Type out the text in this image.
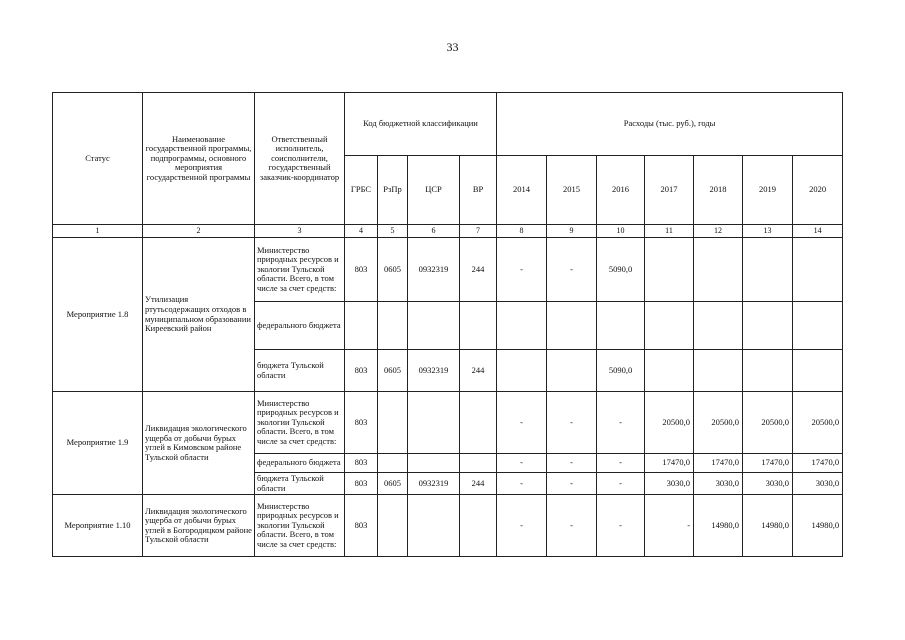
33
Статус	Наименование государственной программы, подпрограммы, основного мероприятия государственной программы	Ответственный исполнитель, соисполнители, государственный заказчик-координатор	Код бюджетной классификации				Расходы (тыс. руб.), годы						
			ГРБС	РзПр	ЦСР	ВР	2014	2015	2016	2017	2018	2019	2020
1	2	3	4	5	6	7	8	9	10	11	12	13	14
Мероприятие 1.8	Утилизация ртутьсодержащих отходов в муниципальном образовании Киреевский район	Министерство природных ресурсов и экологии Тульской области. Всего, в том числе за счет средств:	803	0605	0932319	244	-	-	5090,0				
		федерального бюджета											
		бюджета Тульской области	803	0605	0932319	244			5090,0				
Мероприятие 1.9	Ликвидация экологического ущерба от добычи бурых углей в Кимовском районе Тульской области	Министерство природных ресурсов и экологии Тульской области. Всего, в том числе за счет средств:	803				-	-	-	20500,0	20500,0	20500,0	20500,0
		федерального бюджета	803				-	-	-	17470,0	17470,0	17470,0	17470,0
		бюджета Тульской области	803	0605	0932319	244	-	-	-	3030,0	3030,0	3030,0	3030,0
Мероприятие 1.10	Ликвидация экологического ущерба от добычи бурых углей в Богородицком районе Тульской области	Министерство природных ресурсов и экологии Тульской области. Всего, в том числе за счет средств:	803				-	-	-	-	14980,0	14980,0	14980,0
